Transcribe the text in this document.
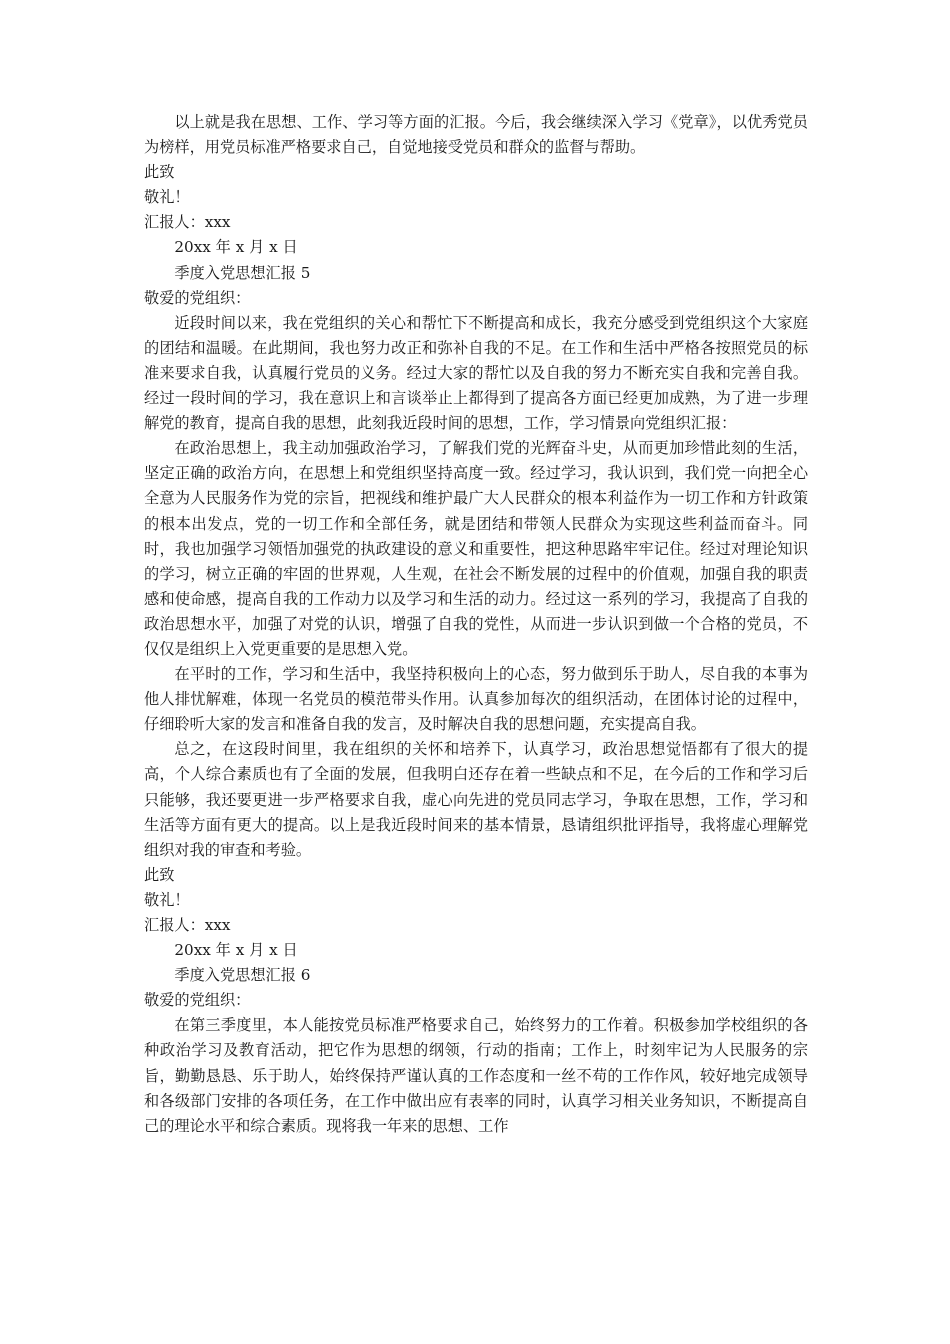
以上就是我在思想、工作、学习等方面的汇报。今后，我会继续深入学习《党章》，以优秀党员为榜样，用党员标准严格要求自己，自觉地接受党员和群众的监督与帮助。

此致

敬礼！

汇报人：xxx

20xx 年 x 月 x 日

季度入党思想汇报 5

敬爱的党组织：

近段时间以来，我在党组织的关心和帮忙下不断提高和成长，我充分感受到党组织这个大家庭的团结和温暖。在此期间，我也努力改正和弥补自我的不足。在工作和生活中严格各按照党员的标准来要求自我，认真履行党员的义务。经过大家的帮忙以及自我的努力不断充实自我和完善自我。经过一段时间的学习，我在意识上和言谈举止上都得到了提高各方面已经更加成熟，为了进一步理解党的教育，提高自我的思想，此刻我近段时间的思想，工作，学习情景向党组织汇报：

在政治思想上，我主动加强政治学习，了解我们党的光辉奋斗史，从而更加珍惜此刻的生活，坚定正确的政治方向，在思想上和党组织坚持高度一致。经过学习，我认识到，我们党一向把全心全意为人民服务作为党的宗旨，把视线和维护最广大人民群众的根本利益作为一切工作和方针政策的根本出发点，党的一切工作和全部任务，就是团结和带领人民群众为实现这些利益而奋斗。同时，我也加强学习领悟加强党的执政建设的意义和重要性，把这种思路牢牢记住。经过对理论知识的学习，树立正确的牢固的世界观，人生观，在社会不断发展的过程中的价值观，加强自我的职责感和使命感，提高自我的工作动力以及学习和生活的动力。经过这一系列的学习，我提高了自我的政治思想水平，加强了对党的认识，增强了自我的党性，从而进一步认识到做一个合格的党员，不仅仅是组织上入党更重要的是思想入党。

在平时的工作，学习和生活中，我坚持积极向上的心态，努力做到乐于助人，尽自我的本事为他人排忧解难，体现一名党员的模范带头作用。认真参加每次的组织活动，在团体讨论的过程中，仔细聆听大家的发言和准备自我的发言，及时解决自我的思想问题，充实提高自我。

总之，在这段时间里，我在组织的关怀和培养下，认真学习，政治思想觉悟都有了很大的提高，个人综合素质也有了全面的发展，但我明白还存在着一些缺点和不足，在今后的工作和学习后只能够，我还要更进一步严格要求自我，虚心向先进的党员同志学习，争取在思想，工作，学习和生活等方面有更大的提高。以上是我近段时间来的基本情景，恳请组织批评指导，我将虚心理解党组织对我的审查和考验。

此致

敬礼！

汇报人：xxx

20xx 年 x 月 x 日

季度入党思想汇报 6

敬爱的党组织：

在第三季度里，本人能按党员标准严格要求自己，始终努力的工作着。积极参加学校组织的各种政治学习及教育活动，把它作为思想的纲领，行动的指南；工作上，时刻牢记为人民服务的宗旨，勤勤恳恳、乐于助人，始终保持严谨认真的工作态度和一丝不苟的工作作风，较好地完成领导和各级部门安排的各项任务，在工作中做出应有表率的同时，认真学习相关业务知识，不断提高自己的理论水平和综合素质。现将我一年来的思想、工作
